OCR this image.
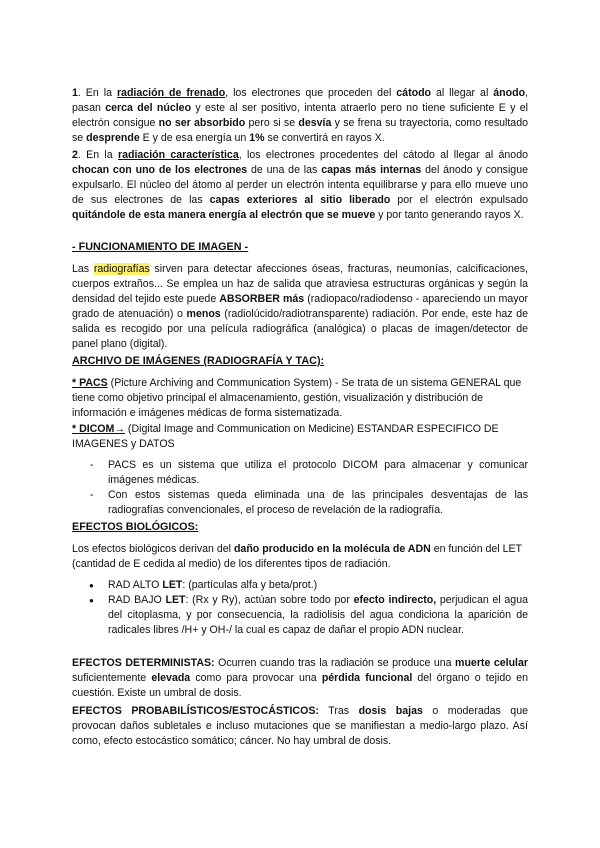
1. En la radiación de frenado, los electrones que proceden del cátodo al llegar al ánodo, pasan cerca del núcleo y este al ser positivo, intenta atraerlo pero no tiene suficiente E y el electrón consigue no ser absorbido pero si se desvía y se frena su trayectoria, como resultado se desprende E y de esa energía un 1% se convertirá en rayos X.

2. En la radiación característica, los electrones procedentes del cátodo al llegar al ánodo chocan con uno de los electrones de una de las capas más internas del ánodo y consigue expulsarlo. El núcleo del átomo al perder un electrón intenta equilibrarse y para ello mueve uno de sus electrones de las capas exteriores al sitio liberado por el electrón expulsado quitándole de esta manera energía al electrón que se mueve y por tanto generando rayos X.

- FUNCIONAMIENTO DE IMAGEN -

Las radiografías sirven para detectar afecciones óseas, fracturas, neumonías, calcificaciones, cuerpos extraños... Se emplea un haz de salida que atraviesa estructuras orgánicas y según la densidad del tejido este puede ABSORBER más (radiopaco/radiodenso - apareciendo un mayor grado de atenuación) o menos (radiolúcido/radiotransparente) radiación. Por ende, este haz de salida es recogido por una película radiográfica (analógica) o placas de imagen/detector de panel plano (digital).

ARCHIVO DE IMÁGENES (RADIOGRAFÍA Y TAC):

* PACS (Picture Archiving and Communication System) - Se trata de un sistema GENERAL que tiene como objetivo principal el almacenamiento, gestión, visualización y distribución de información e imágenes médicas de forma sistematizada.

* DICOM→ (Digital Image and Communication on Medicine) ESTANDAR ESPECIFICO DE IMAGENES y DATOS

- PACS es un sistema que utiliza el protocolo DICOM para almacenar y comunicar imágenes médicas.
- Con estos sistemas queda eliminada una de las principales desventajas de las radiografías convencionales, el proceso de revelación de la radiografía.

EFECTOS BIOLÓGICOS:

Los efectos biológicos derivan del daño producido en la molécula de ADN en función del LET (cantidad de E cedida al medio) de los diferentes tipos de radiación.

● RAD ALTO LET: (partículas alfa y beta/prot.)
● RAD BAJO LET: (Rx y Ry), actúan sobre todo por efecto indirecto, perjudican el agua del citoplasma, y por consecuencia, la radiolisis del agua condiciona la aparición de radicales libres /H+ y OH-/ la cual es capaz de dañar el propio ADN nuclear.

EFECTOS DETERMINISTAS: Ocurren cuando tras la radiación se produce una muerte celular suficientemente elevada como para provocar una pérdida funcional del órgano o tejido en cuestión. Existe un umbral de dosis.

EFECTOS PROBABILÍSTICOS/ESTOCÁSTICOS: Tras dosis bajas o moderadas que provocan daños subletales e incluso mutaciones que se manifiestan a medio-largo plazo. Así como, efecto estocástico somático; cáncer. No hay umbral de dosis.
